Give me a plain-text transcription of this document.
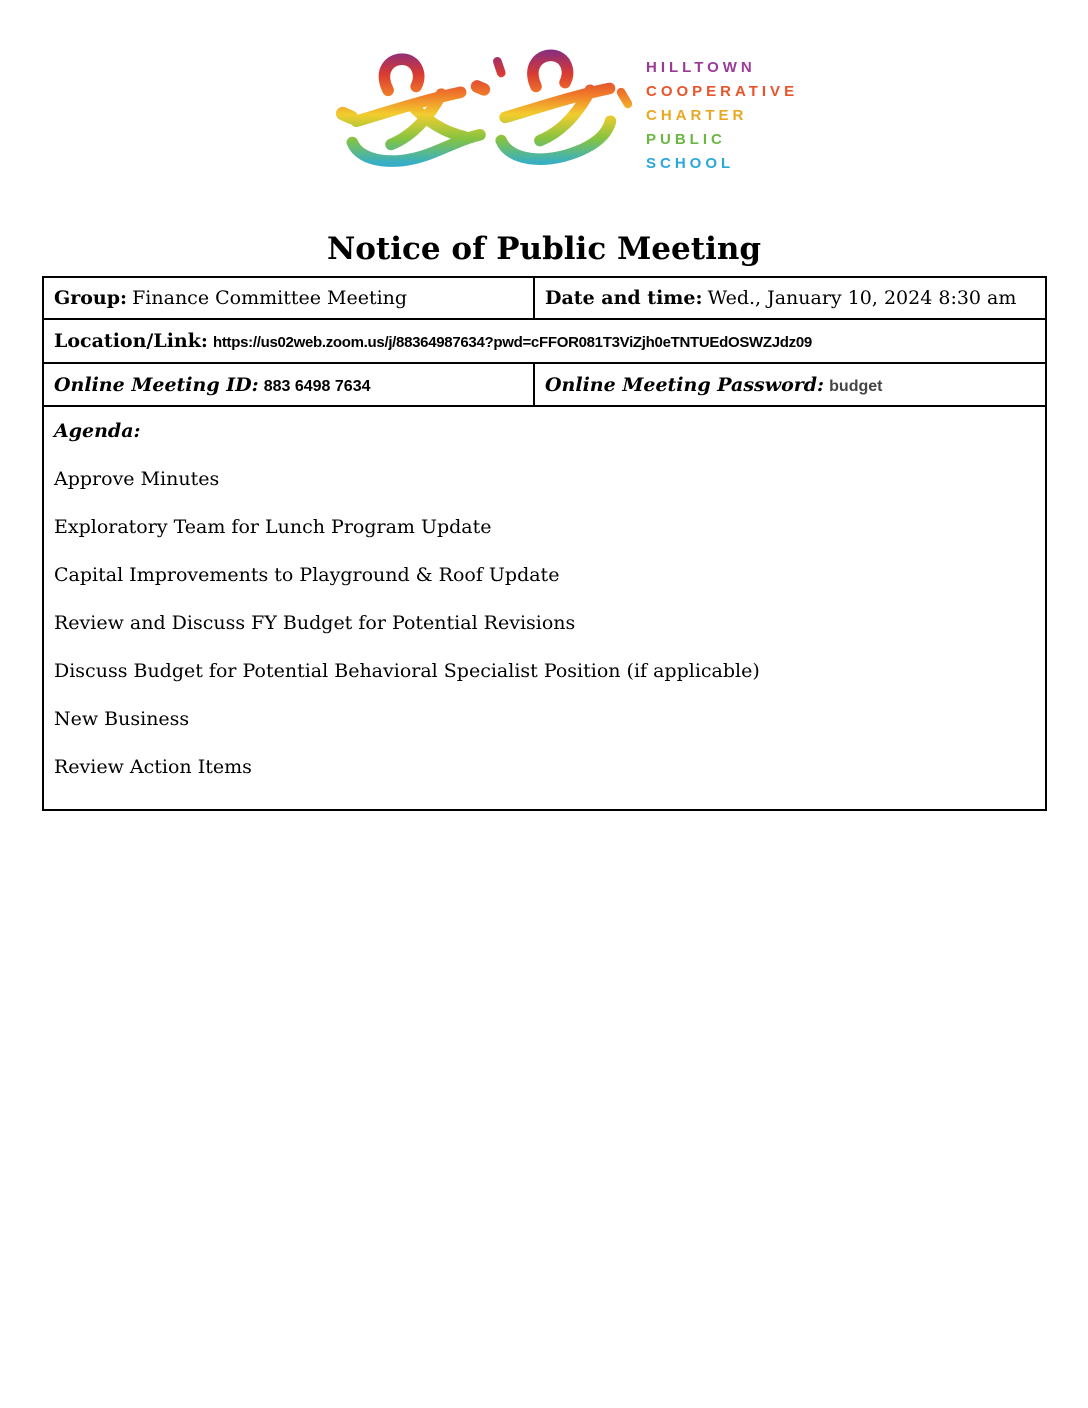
HILLTOWN
COOPERATIVE
CHARTER
PUBLIC
SCHOOL
Notice of Public Meeting
Group: Finance Committee Meeting	Date and time: Wed., January 10, 2024 8:30 am
Location/Link: https://us02web.zoom.us/j/88364987634?pwd=cFFOR081T3ViZjh0eTNTUEdOSWZJdz09	
Online Meeting ID: 883 6498 7634	Online Meeting Password: budget

Agenda:

Approve Minutes

Exploratory Team for Lunch Program Update

Capital Improvements to Playground & Roof Update

Review and Discuss FY Budget for Potential Revisions

Discuss Budget for Potential Behavioral Specialist Position (if applicable)

New Business

Review Action Items
